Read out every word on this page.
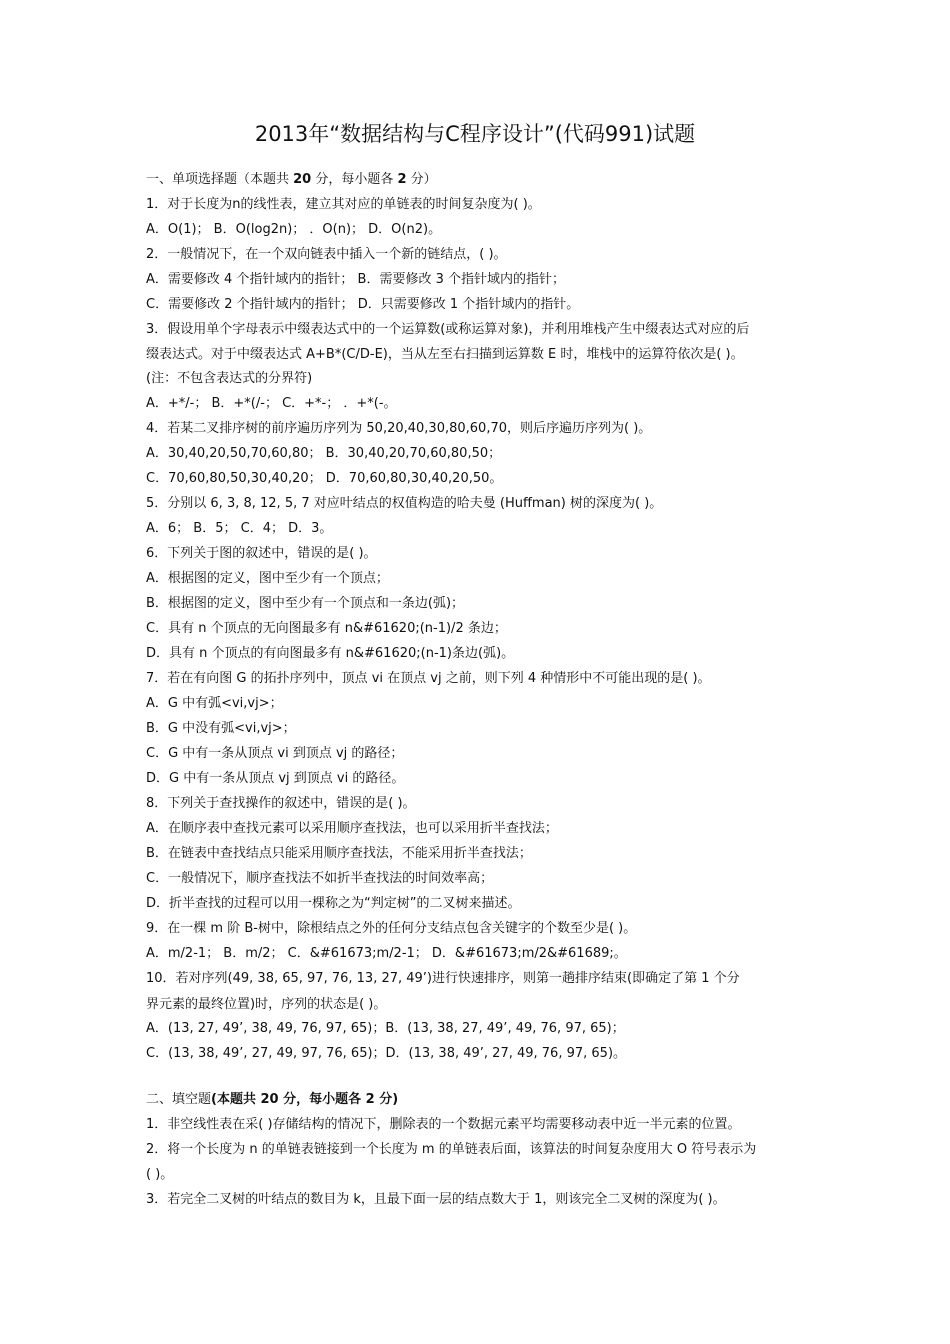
2013年“数据结构与C程序设计”(代码991)试题
一、单项选择题（本题共 20 分，每小题各 2 分）
1．对于长度为n的线性表，建立其对应的单链表的时间复杂度为( )。
A．O(1)； B．O(log2n)； ．O(n)； D．O(n2)。
2．一般情况下，在一个双向链表中插入一个新的链结点，( )。
A．需要修改 4 个指针域内的指针； B．需要修改 3 个指针域内的指针；
C．需要修改 2 个指针域内的指针； D．只需要修改 1 个指针域内的指针。
3．假设用单个字母表示中缀表达式中的一个运算数(或称运算对象)，并利用堆栈产生中缀表达式对应的后
缀表达式。对于中缀表达式 A+B*(C/D-E)，当从左至右扫描到运算数 E 时，堆栈中的运算符依次是( )。
(注：不包含表达式的分界符)
A．+*/-； B．+*(/-； C．+*-； ．+*(-。
4．若某二叉排序树的前序遍历序列为 50,20,40,30,80,60,70，则后序遍历序列为( )。
A．30,40,20,50,70,60,80； B．30,40,20,70,60,80,50；
C．70,60,80,50,30,40,20； D．70,60,80,30,40,20,50。
5．分别以 6, 3, 8, 12, 5, 7 对应叶结点的权值构造的哈夫曼 (Huffman) 树的深度为( )。
A．6； B．5； C．4； D．3。
6．下列关于图的叙述中，错误的是( )。
A．根据图的定义，图中至少有一个顶点；
B．根据图的定义，图中至少有一个顶点和一条边(弧)；
C．具有 n 个顶点的无向图最多有 n&#61620;(n-1)/2 条边；
D．具有 n 个顶点的有向图最多有 n&#61620;(n-1)条边(弧)。
7．若在有向图 G 的拓扑序列中，顶点 vi 在顶点 vj 之前，则下列 4 种情形中不可能出现的是( )。
A．G 中有弧<vi,vj>；
B．G 中没有弧<vi,vj>；
C．G 中有一条从顶点 vi 到顶点 vj 的路径；
D．G 中有一条从顶点 vj 到顶点 vi 的路径。
8．下列关于查找操作的叙述中，错误的是( )。
A．在顺序表中查找元素可以采用顺序查找法，也可以采用折半查找法；
B．在链表中查找结点只能采用顺序查找法，不能采用折半查找法；
C．一般情况下，顺序查找法不如折半查找法的时间效率高；
D．折半查找的过程可以用一棵称之为“判定树”的二叉树来描述。
9．在一棵 m 阶 B-树中，除根结点之外的任何分支结点包含关键字的个数至少是( )。
A．m/2-1； B．m/2； C．&#61673;m/2-1； D．&#61673;m/2&#61689;。
10．若对序列(49, 38, 65, 97, 76, 13, 27, 49’)进行快速排序，则第一趟排序结束(即确定了第 1 个分
界元素的最终位置)时，序列的状态是( )。
A．(13, 27, 49’, 38, 49, 76, 97, 65)；B．(13, 38, 27, 49’, 49, 76, 97, 65)；
C．(13, 38, 49’, 27, 49, 97, 76, 65)；D．(13, 38, 49’, 27, 49, 76, 97, 65)。
二、填空题(本题共 20 分，每小题各 2 分)
1．非空线性表在采( )存储结构的情况下，删除表的一个数据元素平均需要移动表中近一半元素的位置。
2．将一个长度为 n 的单链表链接到一个长度为 m 的单链表后面，该算法的时间复杂度用大 O 符号表示为
( )。
3．若完全二叉树的叶结点的数目为 k，且最下面一层的结点数大于 1，则该完全二叉树的深度为( )。
